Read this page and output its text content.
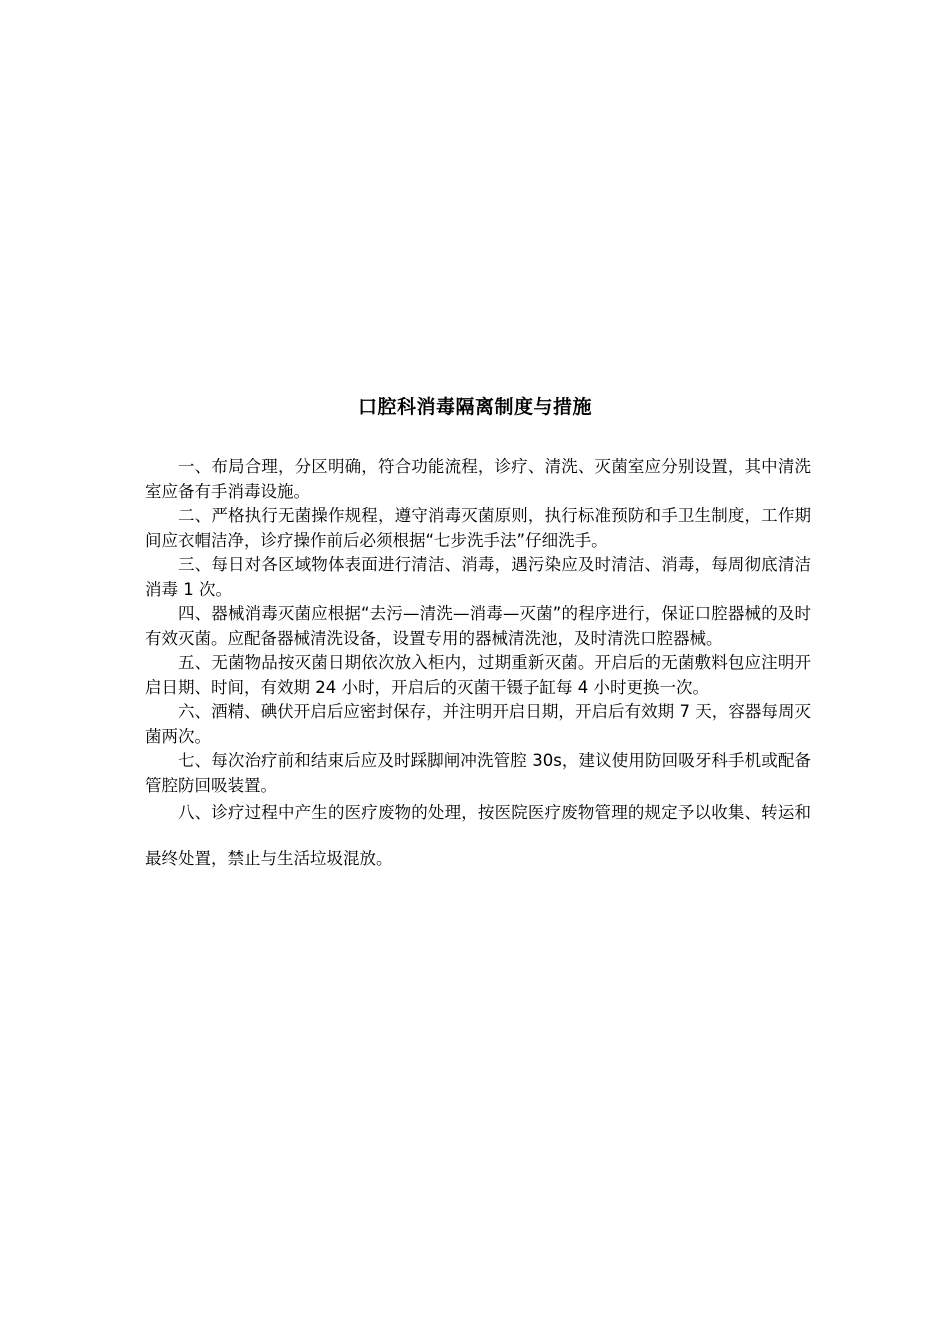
口腔科消毒隔离制度与措施

一、布局合理，分区明确，符合功能流程，诊疗、清洗、灭菌室应分别设置，其中清洗室应备有手消毒设施。

二、严格执行无菌操作规程，遵守消毒灭菌原则，执行标准预防和手卫生制度，工作期间应衣帽洁净，诊疗操作前后必须根据“七步洗手法”仔细洗手。

三、每日对各区域物体表面进行清洁、消毒，遇污染应及时清洁、消毒，每周彻底清洁消毒 1 次。

四、器械消毒灭菌应根据“去污—清洗—消毒—灭菌”的程序进行，保证口腔器械的及时有效灭菌。应配备器械清洗设备，设置专用的器械清洗池，及时清洗口腔器械。

五、无菌物品按灭菌日期依次放入柜内，过期重新灭菌。开启后的无菌敷料包应注明开启日期、时间，有效期 24 小时，开启后的灭菌干镊子缸每 4 小时更换一次。

六、酒精、碘伏开启后应密封保存，并注明开启日期，开启后有效期 7 天，容器每周灭菌两次。

七、每次治疗前和结束后应及时踩脚闸冲洗管腔 30s，建议使用防回吸牙科手机或配备管腔防回吸装置。

八、诊疗过程中产生的医疗废物的处理，按医院医疗废物管理的规定予以收集、转运和最终处置，禁止与生活垃圾混放。
